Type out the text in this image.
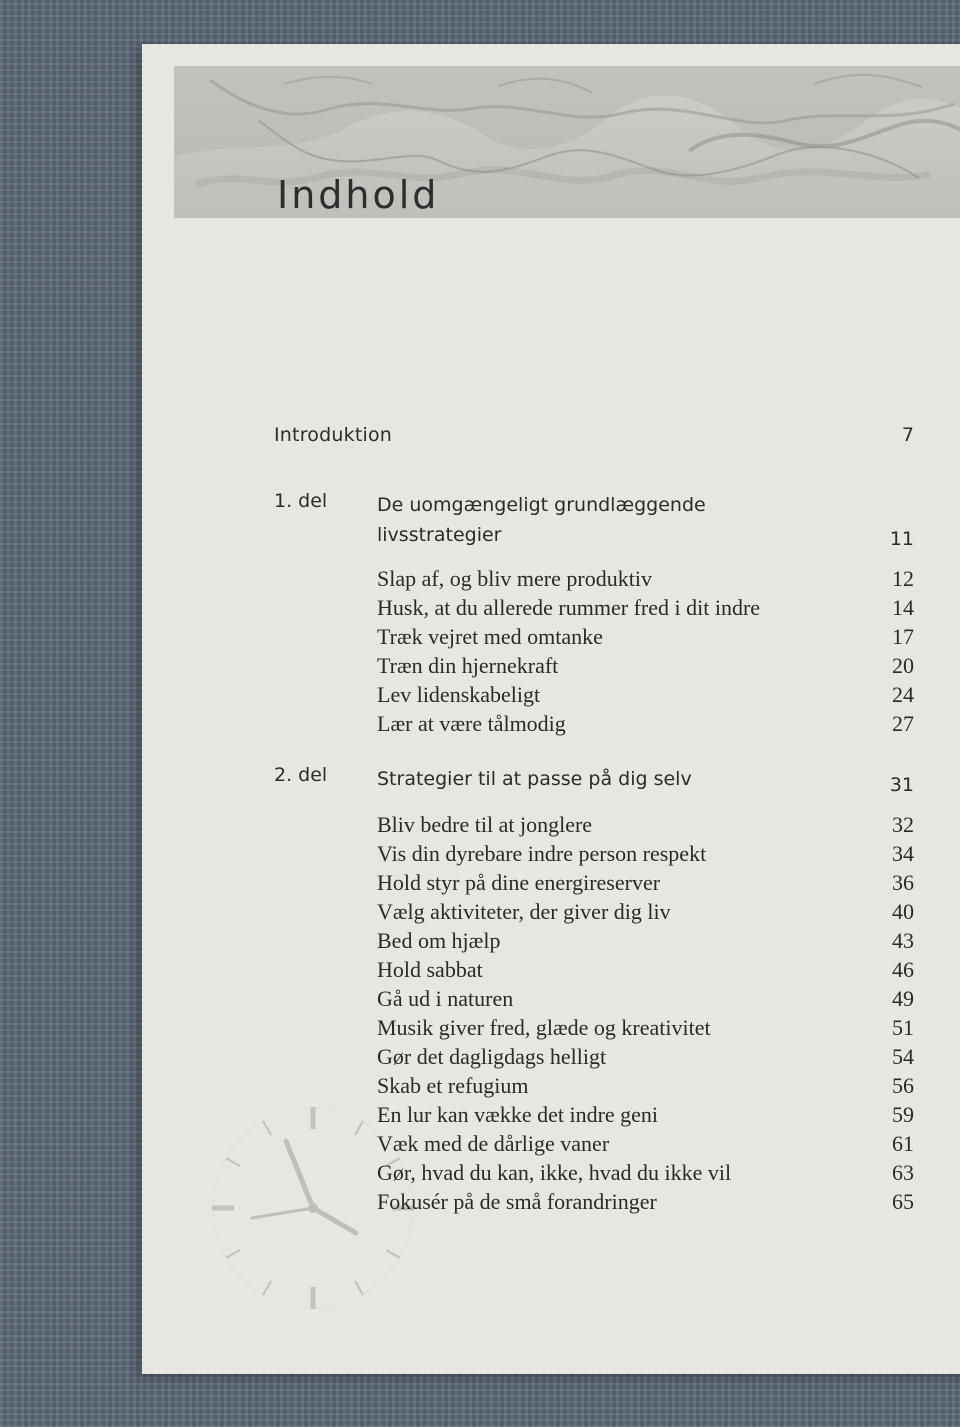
Indhold
Introduktion	7
1. del	De uomgængeligt grundlæggende livsstrategier	11
Slap af, og bliv mere produktiv	12
Husk, at du allerede rummer fred i dit indre	14
Træk vejret med omtanke	17
Træn din hjernekraft	20
Lev lidenskabeligt	24
Lær at være tålmodig	27
2. del	Strategier til at passe på dig selv	31
Bliv bedre til at jonglere	32
Vis din dyrebare indre person respekt	34
Hold styr på dine energireserver	36
Vælg aktiviteter, der giver dig liv	40
Bed om hjælp	43
Hold sabbat	46
Gå ud i naturen	49
Musik giver fred, glæde og kreativitet	51
Gør det dagligdags helligt	54
Skab et refugium	56
En lur kan vække det indre geni	59
Væk med de dårlige vaner	61
Gør, hvad du kan, ikke, hvad du ikke vil	63
Fokusér på de små forandringer	65
